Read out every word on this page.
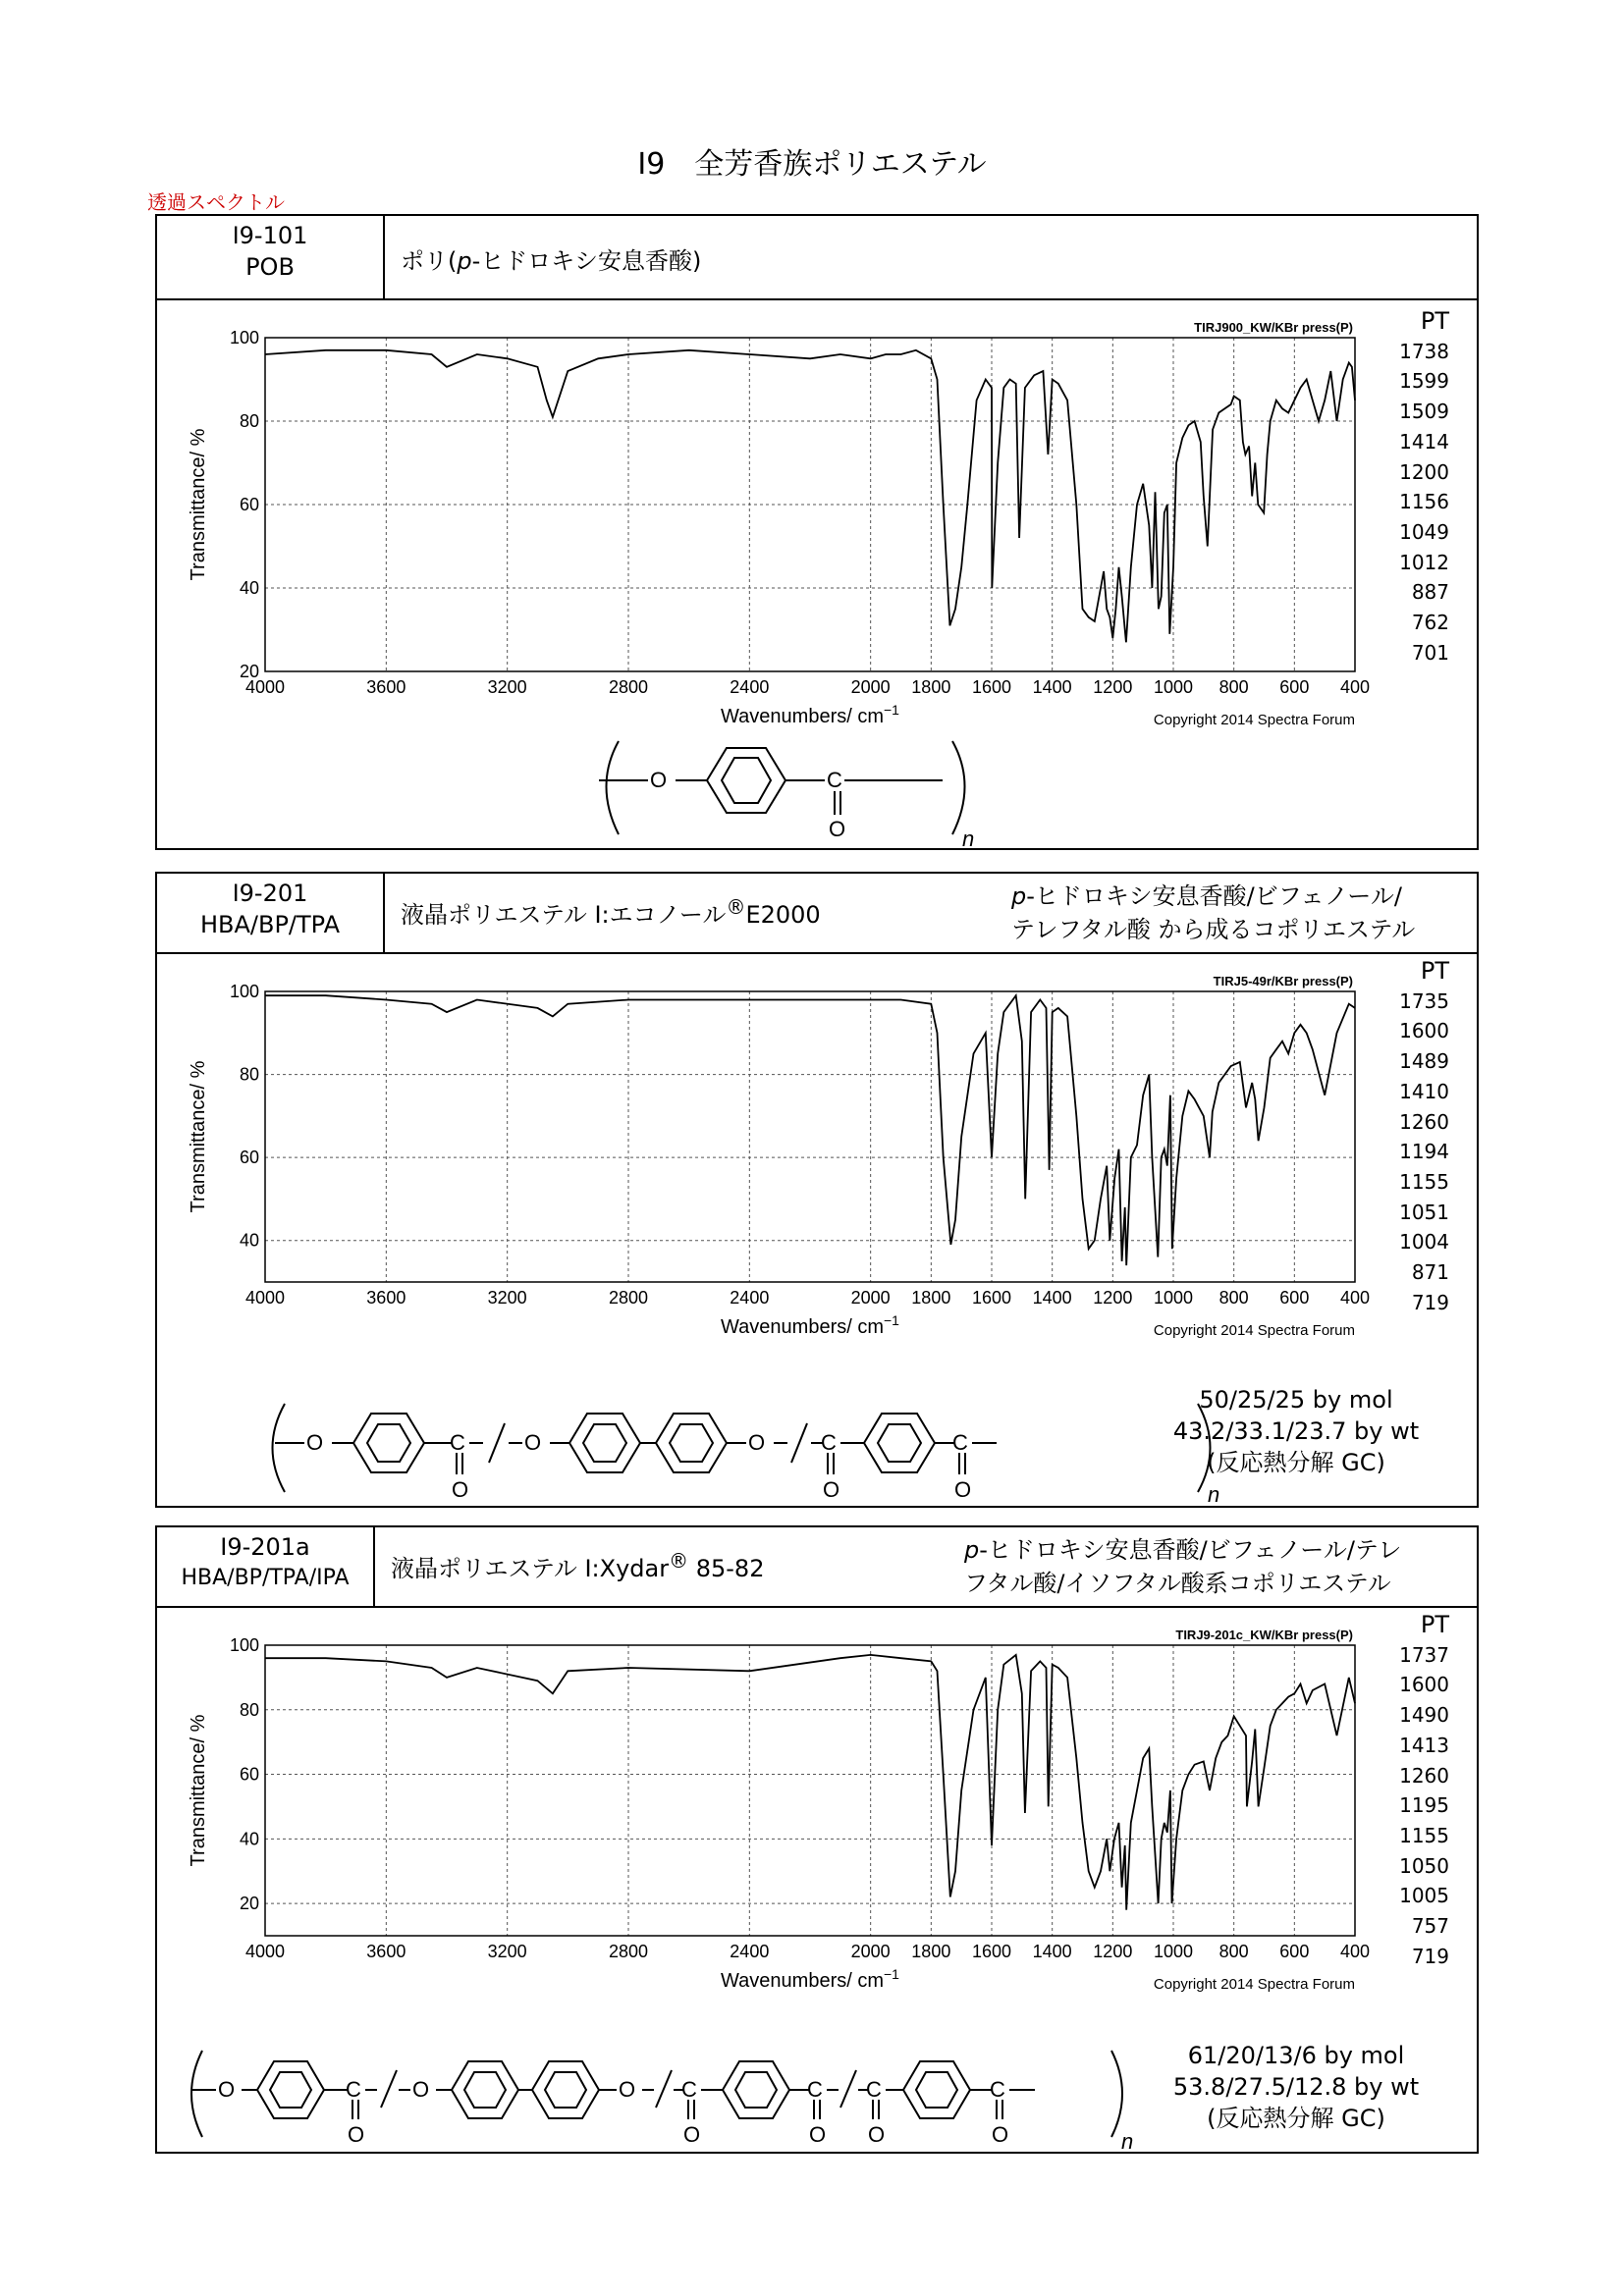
I9　全芳香族ポリエステル
透過スペクトル
I9-101
POB	ポリ(p-ヒドロキシ安息香酸)
4000	3600	3200	2800	2400	2000 1800 1600 1400 1200 1000 800 600 400
20
40
60
80
100
Wavenumbers/ $cm^{-1}$
Transmittance/ %
TIRJ900_KW/KBr press(P)
Copyright 2014 Spectra Forum
PT
1738
1599
1509
1414
1200
1156
1049
1012
887
762
701
O	C
O	n
I9-201
HBA/BP/TPA	液晶ポリエステル Ⅰ:エコノール®E2000
p-ヒドロキシ安息香酸/ビフェノール/
テレフタル酸 から成るコポリエステル
4000	3600	3200	2800	2400	2000 1800 1600 1400 1200 1000 800 600 400
40
60
80
100
Wavenumbers/ $cm^{-1}$
Transmittance/ %
TIRJ5-49r/KBr press(P)
Copyright 2014 Spectra Forum
PT
1735
1600
1489
1410
1260
1194
1155
1051
1004
871
719
O	C
O
O	O	C
O
C
O	n
50/25/25 by mol
43.2/33.1/23.7 by wt
(反応熱分解 GC)
I9-201a
HBA/BP/TPA/IPA	液晶ポリエステル Ⅰ:Xydar® 85-82
p-ヒドロキシ安息香酸/ビフェノール/テレ
フタル酸/イソフタル酸系コポリエステル
4000	3600	3200	2800	2400	2000 1800 1600 1400 1200 1000 800 600 400
20
40
60
80
100
Wavenumbers/ $cm^{-1}$
Transmittance/ %
TIRJ9-201c_KW/KBr press(P)
Copyright 2014 Spectra Forum
PT
1737
1600
1490
1413
1260
1195
1155
1050
1005
757
719
O	C
O
O	O C
O
C
O
C
O
C
O	n
61/20/13/6 by mol
53.8/27.5/12.8 by wt
(反応熱分解 GC)
